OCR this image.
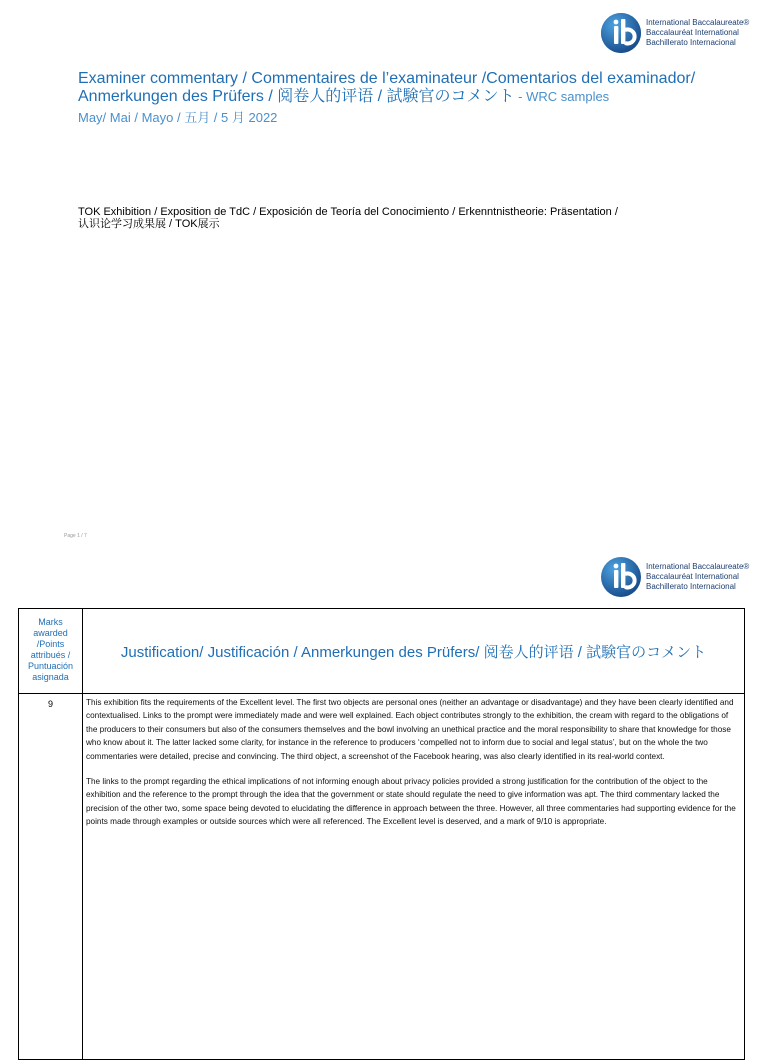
International Baccalaureate®
Baccalauréat International
Bachillerato Internacional
Examiner commentary / Commentaires de l’examinateur /Comentarios del examinador/
Anmerkungen des Prüfers / 阅卷人的评语 / 試験官のコメント - WRC samples
May/ Mai / Mayo / 五月 / 5 月 2022
TOK Exhibition / Exposition de TdC / Exposición de Teoría del Conocimiento / Erkenntnistheorie: Präsentation /
认识论学习成果展 / TOK展示
Page 1 / 7
International Baccalaureate®
Baccalauréat International
Bachillerato Internacional
Marks awarded /Points attribués / Puntuación asignada	Justification/ Justificación / Anmerkungen des Prüfers/ 阅卷人的评语 / 試験官のコメント
9	This exhibition fits the requirements of the Excellent level. The first two objects are personal ones (neither an advantage or disadvantage) and they have been clearly identified and contextualised. Links to the prompt were immediately made and were well explained. Each object contributes strongly to the exhibition, the cream with regard to the obligations of the producers to their consumers but also of the consumers themselves and the bowl involving an unethical practice and the moral responsibility to share that knowledge for those who know about it. The latter lacked some clarity, for instance in the reference to producers ‘compelled not to inform due to social and legal status’, but on the whole the two commentaries were detailed, precise and convincing. The third object, a screenshot of the Facebook hearing, was also clearly identified in its real-world context.

The links to the prompt regarding the ethical implications of not informing enough about privacy policies provided a strong justification for the contribution of the object to the exhibition and the reference to the prompt through the idea that the government or state should regulate the need to give information was apt. The third commentary lacked the precision of the other two, some space being devoted to elucidating the difference in approach between the three. However, all three commentaries had supporting evidence for the points made through examples or outside sources which were all referenced. The Excellent level is deserved, and a mark of 9/10 is appropriate.
